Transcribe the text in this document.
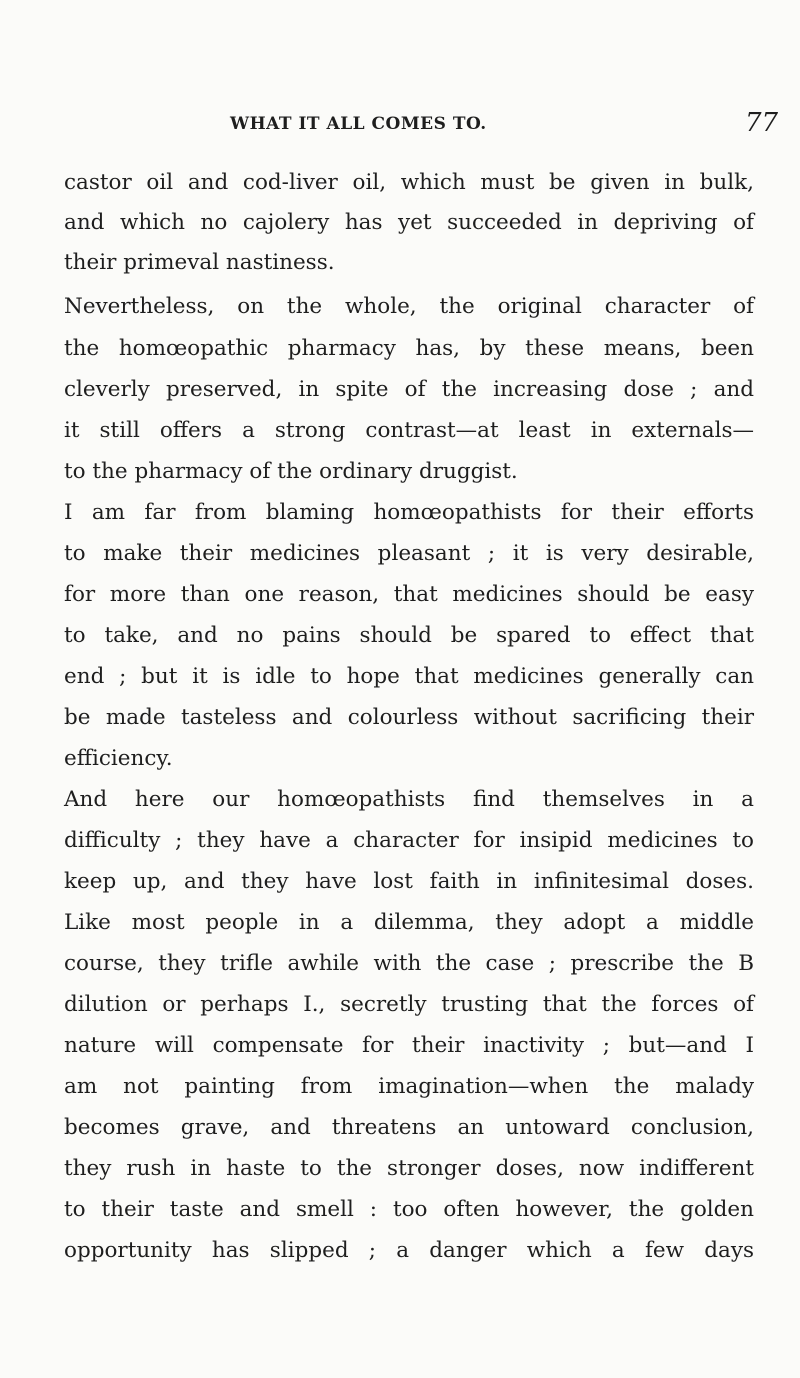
WHAT IT ALL COMES TO.	77
castor oil and cod-liver oil, which must be given in bulk,
and which no cajolery has yet succeeded in depriving of
their primeval nastiness.
Nevertheless, on the whole, the original character of
the homœopathic pharmacy has, by these means, been
cleverly preserved, in spite of the increasing dose ; and
it still offers a strong contrast—at least in externals—
to the pharmacy of the ordinary druggist.
I am far from blaming homœopathists for their efforts
to make their medicines pleasant ; it is very desirable,
for more than one reason, that medicines should be easy
to take, and no pains should be spared to effect that
end ; but it is idle to hope that medicines generally can
be made tasteless and colourless without sacrificing their
efficiency.
And here our homœopathists find themselves in a
difficulty ; they have a character for insipid medicines to
keep up, and they have lost faith in infinitesimal doses.
Like most people in a dilemma, they adopt a middle
course, they trifle awhile with the case ; prescribe the B
dilution or perhaps I., secretly trusting that the forces of
nature will compensate for their inactivity ; but—and I
am not painting from imagination—when the malady
becomes grave, and threatens an untoward conclusion,
they rush in haste to the stronger doses, now indifferent
to their taste and smell : too often however, the golden
opportunity has slipped ; a danger which a few days
